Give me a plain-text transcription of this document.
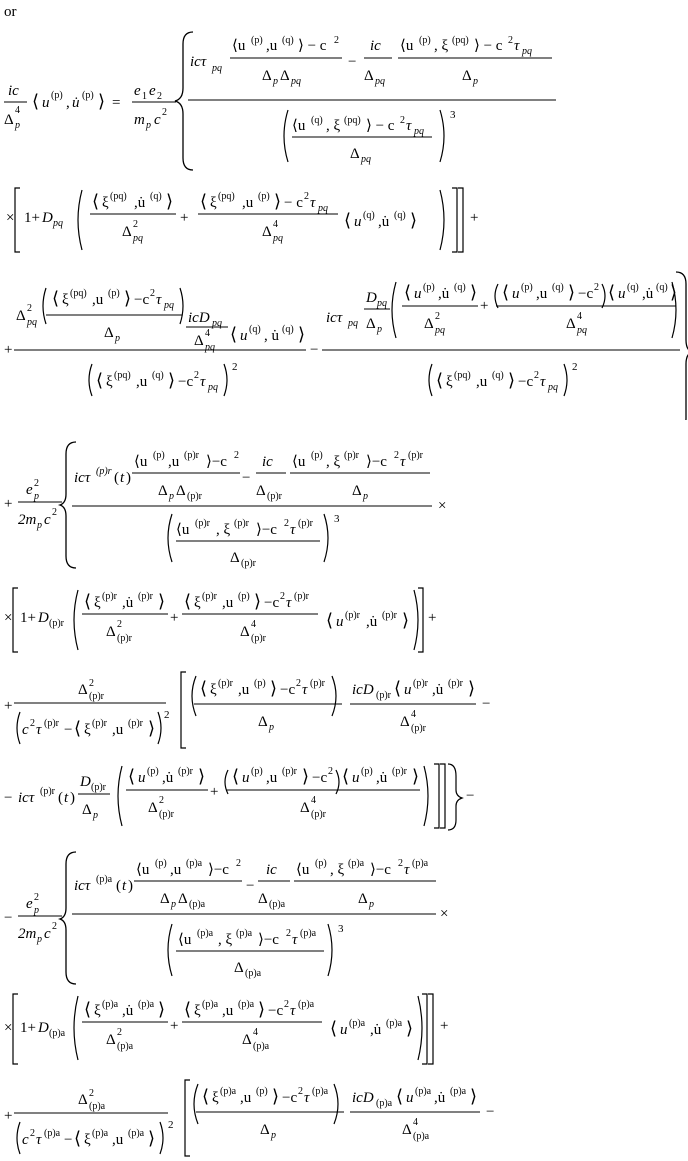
or
ic
Δ
4
p
⟨ u (p) , u̇ (p) ⟩ =
e 1 e 2
m p c 2
icτ pq
⟨u (p) ,u (q) ⟩ − c 2
Δ p Δ pq
−
ic
Δ pq
⟨u (p) , ξ (pq) ⟩ − c 2 τ pq
Δ p
⟨u (q) , ξ (pq) ⟩ − c 2 τ pq
Δ pq
3
× 1+ D pq
⟨ ξ (pq) ,u̇ (q) ⟩
Δ 2
pq
+
⟨ ξ (pq) ,u (p) ⟩ − c 2 τ pq
Δ 4
pq
⟨ u (q) ,u̇ (q) ⟩	+
+
Δ 2
pq
⟨ ξ (pq) ,u (p) ⟩ −c 2 τ pq
Δ p
icD pq
Δ 4
pq
⟨ u (q) , u̇ (q) ⟩
⟨ ξ (pq) ,u (q) ⟩ −c 2 τ pq
2
−
icτ pq
D pq
Δ p
⟨ u (p) ,u̇ (q) ⟩
Δ 2
pq
+
⟨ u (p) ,u (q) ⟩ −c 2 ⟨ u (q) ,u̇ (q) ⟩
Δ 4
pq
⟨ ξ (pq) ,u (q) ⟩ −c 2 τ pq
2
+
e 2
p
2m p c 2
icτ (p)r ( t )
⟨u (p) ,u (p)r ⟩−c 2
Δ p Δ (p)r
−
ic
Δ (p)r
⟨u (p) , ξ (p)r ⟩−c 2 τ (p)r
Δ p
×
⟨u (p)r , ξ (p)r ⟩−c 2 τ (p)r
Δ (p)r
3
× 1+ D (p)r
⟨ ξ (p)r ,u̇ (p)r ⟩
Δ 2
(p)r
+
⟨ ξ (p)r ,u (p) ⟩ −c 2 τ (p)r
Δ 4
(p)r
⟨ u (p)r ,u̇ (p)r ⟩ +
+
Δ 2
(p)r
c 2 τ (p)r − ⟨ ξ (p)r ,u (p)r ⟩
2
⟨ ξ (p)r ,u (p) ⟩ −c 2 τ (p)r
Δ p
icD (p)r ⟨ u (p)r ,u̇ (p)r ⟩
Δ 4
(p)r
−
− icτ (p)r ( t )
D (p)r
Δ p
⟨ u (p) ,u̇ (p)r ⟩
Δ 2
(p)r
+
⟨ u (p) ,u (p)r ⟩ −c 2 ⟨ u (p) ,u̇ (p)r ⟩
Δ 4
(p)r
−
−
e 2
p
2m p c 2
icτ (p)a ( t )
⟨u (p) ,u (p)a ⟩−c 2
Δ p Δ (p)a
−
ic
Δ (p)a
⟨u (p) , ξ (p)a ⟩−c 2 τ (p)a
Δ p
×
⟨u (p)a , ξ (p)a ⟩−c 2 τ (p)a
Δ (p)a
3
× 1+ D (p)a
⟨ ξ (p)a ,u̇ (p)a ⟩
Δ 2
(p)a
+
⟨ ξ (p)a ,u (p)a ⟩ −c 2 τ (p)a
Δ 4
(p)a
⟨ u (p)a ,u̇ (p)a ⟩ +
+
Δ 2
(p)a
c 2 τ (p)a − ⟨ ξ (p)a ,u (p)a ⟩
2
⟨ ξ (p)a ,u (p) ⟩ −c 2 τ (p)a
Δ p
icD (p)a ⟨ u (p)a ,u̇ (p)a ⟩
Δ 4
(p)a
−
